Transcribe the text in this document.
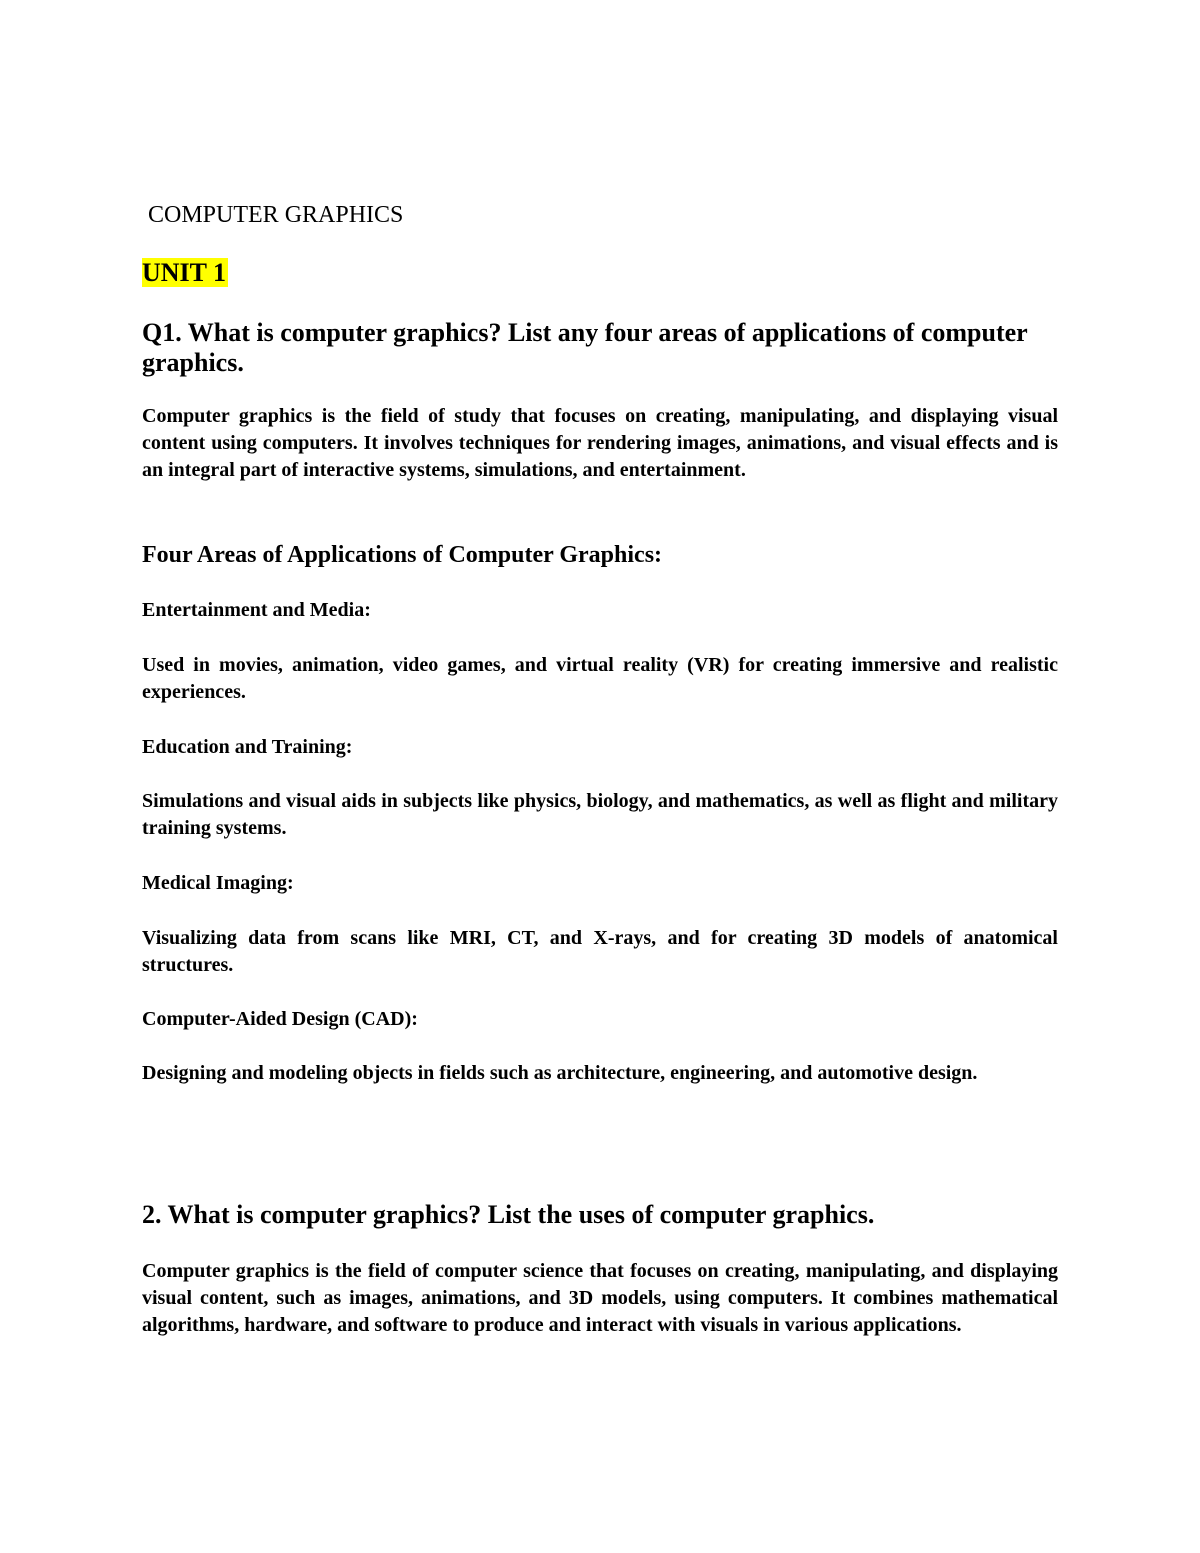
COMPUTER GRAPHICS

UNIT 1

Q1. What is computer graphics? List any four areas of applications of computer graphics.

Computer graphics is the field of study that focuses on creating, manipulating, and displaying visual content using computers. It involves techniques for rendering images, animations, and visual effects and is an integral part of interactive systems, simulations, and entertainment.

Four Areas of Applications of Computer Graphics:

Entertainment and Media:

Used in movies, animation, video games, and virtual reality (VR) for creating immersive and realistic experiences.

Education and Training:

Simulations and visual aids in subjects like physics, biology, and mathematics, as well as flight and military training systems.

Medical Imaging:

Visualizing data from scans like MRI, CT, and X-rays, and for creating 3D models of anatomical structures.

Computer-Aided Design (CAD):

Designing and modeling objects in fields such as architecture, engineering, and automotive design.

2. What is computer graphics? List the uses of computer graphics.

Computer graphics is the field of computer science that focuses on creating, manipulating, and displaying visual content, such as images, animations, and 3D models, using computers. It combines mathematical algorithms, hardware, and software to produce and interact with visuals in various applications.
